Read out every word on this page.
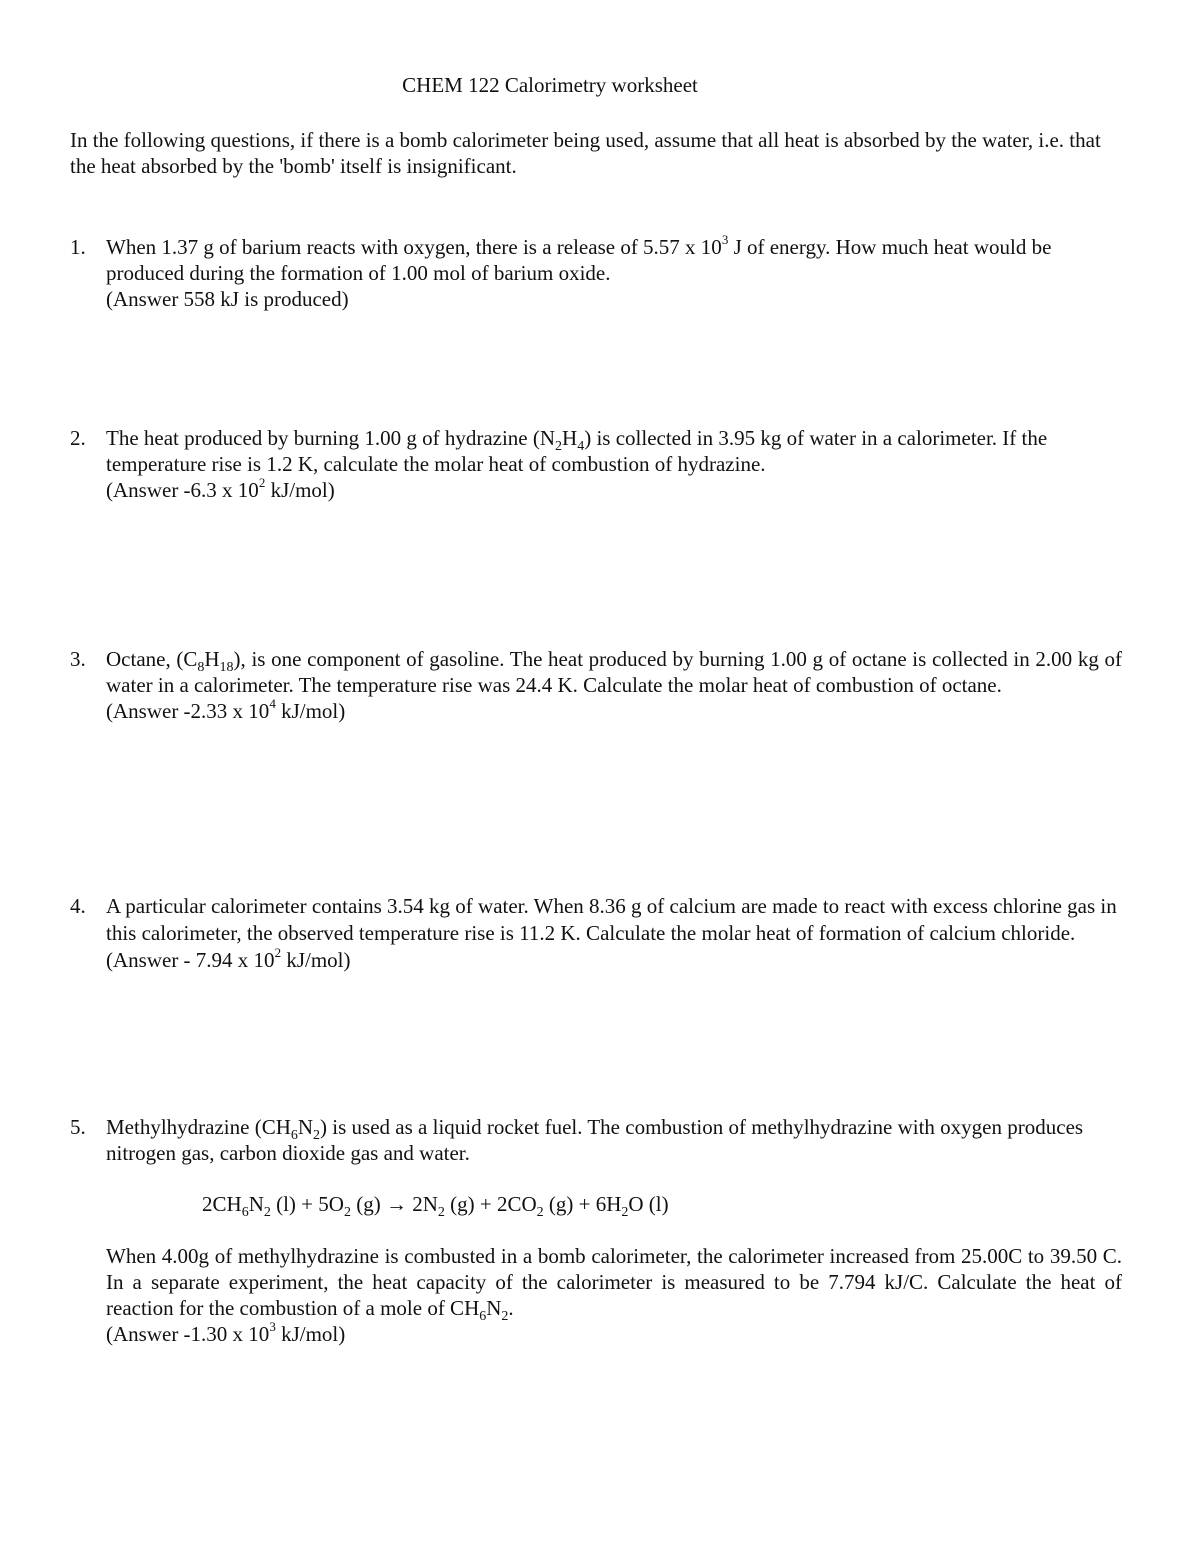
CHEM 122 Calorimetry worksheet
In the following questions, if there is a bomb calorimeter being used, assume that all heat is absorbed by the water, i.e. that the heat absorbed by the 'bomb' itself is insignificant.
1. When 1.37 g of barium reacts with oxygen, there is a release of 5.57 x $10^3$ J of energy. How much heat would be produced during the formation of 1.00 mol of barium oxide.
(Answer 558 kJ is produced)
2. The heat produced by burning 1.00 g of hydrazine $(N_2H_4)$ is collected in 3.95 kg of water in a calorimeter. If the temperature rise is 1.2 K, calculate the molar heat of combustion of hydrazine.
(Answer -6.3 x $10^2$ kJ/mol)
3. Octane, $(C_8H_{18})$, is one component of gasoline. The heat produced by burning 1.00 g of octane is collected in 2.00 kg of water in a calorimeter. The temperature rise was 24.4 K. Calculate the molar heat of combustion of octane.
(Answer -2.33 x $10^4$ kJ/mol)
4. A particular calorimeter contains 3.54 kg of water. When 8.36 g of calcium are made to react with excess chlorine gas in this calorimeter, the observed temperature rise is 11.2 K. Calculate the molar heat of formation of calcium chloride. (Answer - 7.94 x $10^2$ kJ/mol)
5. Methylhydrazine $(CH_6N_2)$ is used as a liquid rocket fuel. The combustion of methylhydrazine with oxygen produces nitrogen gas, carbon dioxide gas and water.
$2CH_6N_2$ $(l) + 5O_2$ $(g) \to 2N_2$ $(g) + 2CO_2$ $(g) + 6H_2O$ (l)
When 4.00g of methylhydrazine is combusted in a bomb calorimeter, the calorimeter increased from 25.00C to 39.50 C. In a separate experiment, the heat capacity of the calorimeter is measured to be 7.794 kJ/C. Calculate the heat of reaction for the combustion of a mole of $CH_6N_2$.
(Answer -1.30 x $10^3$ kJ/mol)
